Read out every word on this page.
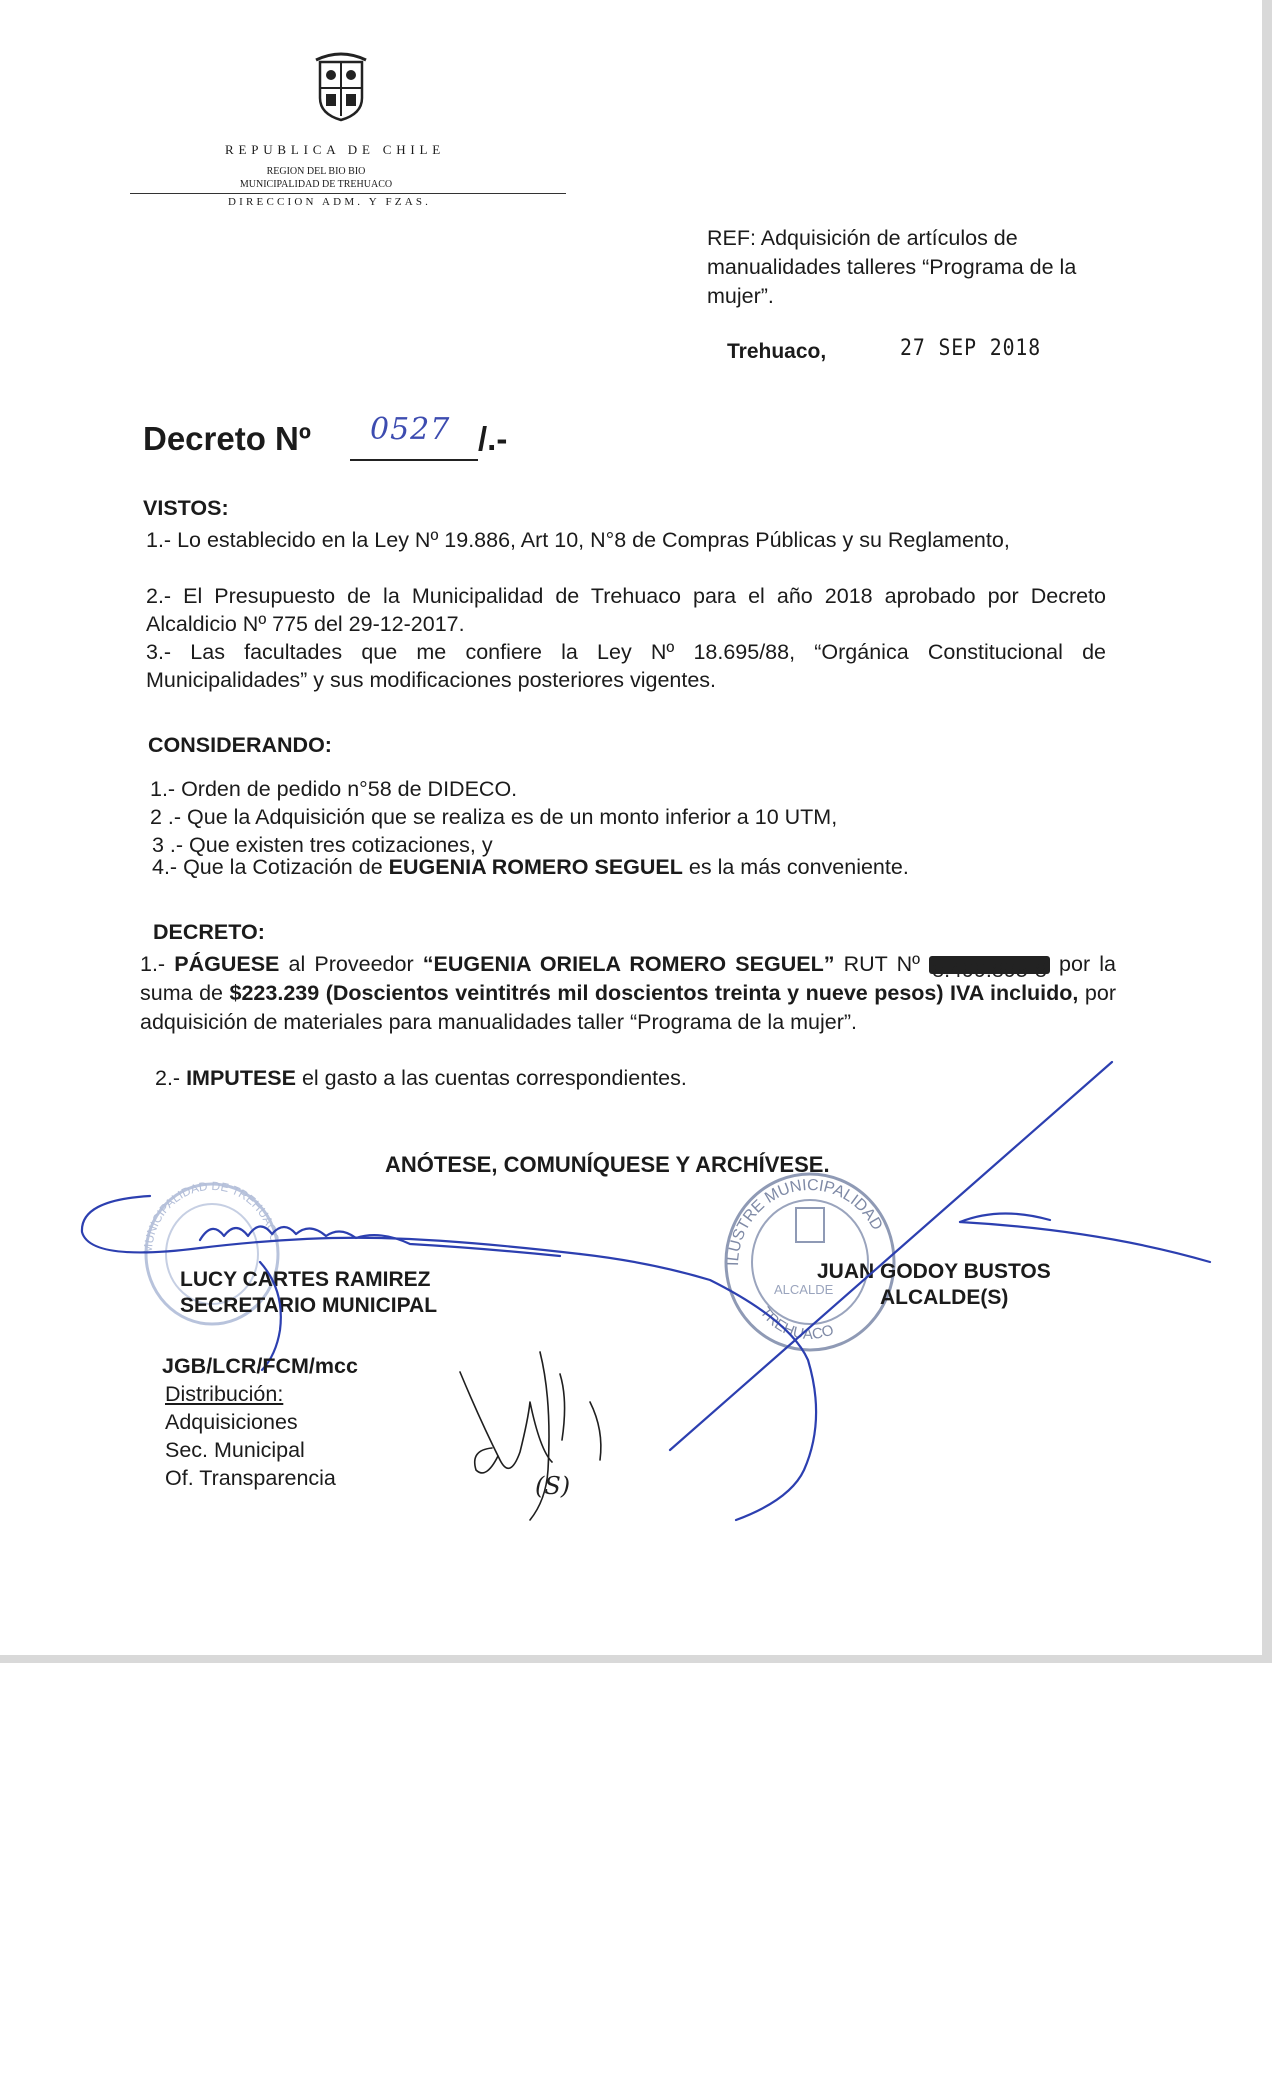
REPUBLICA DE CHILE
REGION DEL BIO BIO
MUNICIPALIDAD DE TREHUACO
DIRECCION ADM. Y FZAS.
REF: Adquisición de artículos de manualidades talleres “Programa de la mujer”.
Trehuaco,	27 SEP 2018
Decreto Nº 0527 /.-
VISTOS:
1.- Lo establecido en la Ley Nº 19.886, Art 10, N°8 de Compras Públicas y su Reglamento,
2.- El Presupuesto de la Municipalidad de Trehuaco para el año 2018 aprobado por Decreto Alcaldicio Nº 775 del 29-12-2017.
3.- Las facultades que me confiere la Ley Nº 18.695/88, “Orgánica Constitucional de Municipalidades” y sus modificaciones posteriores vigentes.
CONSIDERANDO:
1.- Orden de pedido n°58 de DIDECO.
2 .- Que la Adquisición que se realiza es de un monto inferior a 10 UTM,
3 .- Que existen tres cotizaciones, y
4.- Que la Cotización de EUGENIA ROMERO SEGUEL es la más conveniente.
DECRETO:
1.- PÁGUESE al Proveedor “EUGENIA ORIELA ROMERO SEGUEL” RUT Nº 8.499.895-8 por la suma de $223.239 (Doscientos veintitrés mil doscientos treinta y nueve pesos) IVA incluido, por adquisición de materiales para manualidades taller “Programa de la mujer”.
2.- IMPUTESE el gasto a las cuentas correspondientes.
ANÓTESE, COMUNÍQUESE Y ARCHÍVESE.
MUNICIPALIDAD DE TREHUACO
ILUSTRE MUNICIPALIDAD
TREHUACO
ALCALDE
LUCY CARTES RAMIREZ
SECRETARIO MUNICIPAL
JUAN GODOY BUSTOS
ALCALDE(S)
(S)
JGB/LCR/FCM/mcc
Distribución:
Adquisiciones
Sec. Municipal
Of. Transparencia
